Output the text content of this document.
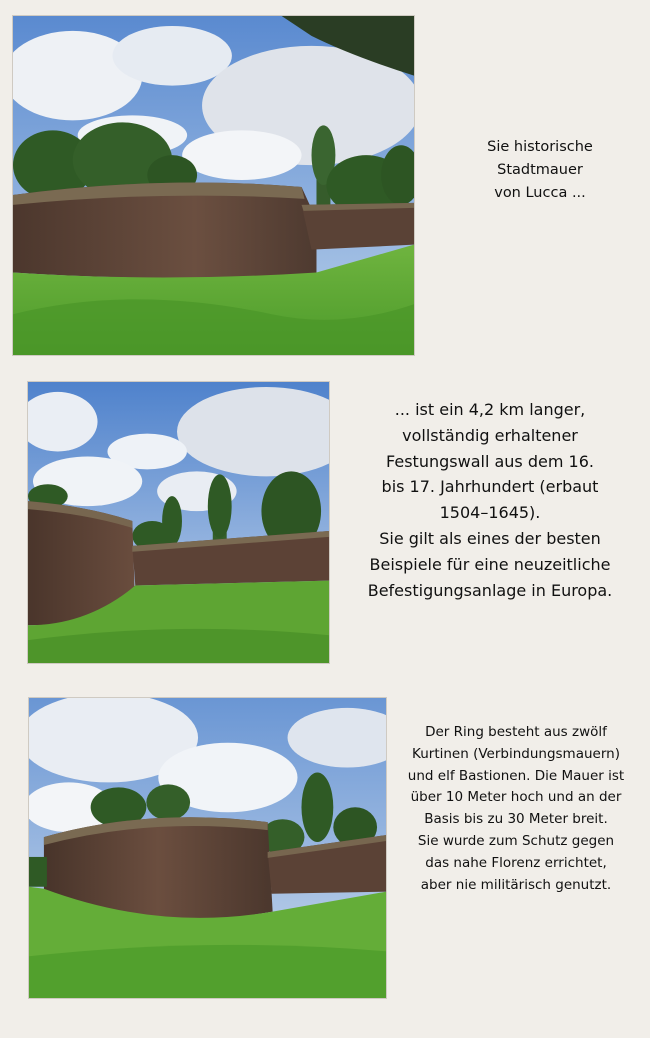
Sie historische
Stadtmauer
von Lucca ...
... ist ein 4,2 km langer,
vollständig erhaltener
Festungswall aus dem 16.
bis 17. Jahrhundert (erbaut
1504–1645).
Sie gilt als eines der besten
Beispiele für eine neuzeitliche
Befestigungsanlage in Europa.
Der Ring besteht aus zwölf
Kurtinen (Verbindungsmauern)
und elf Bastionen. Die Mauer ist
über 10 Meter hoch und an der
Basis bis zu 30 Meter breit.
Sie wurde zum Schutz gegen
das nahe Florenz errichtet,
aber nie militärisch genutzt.
